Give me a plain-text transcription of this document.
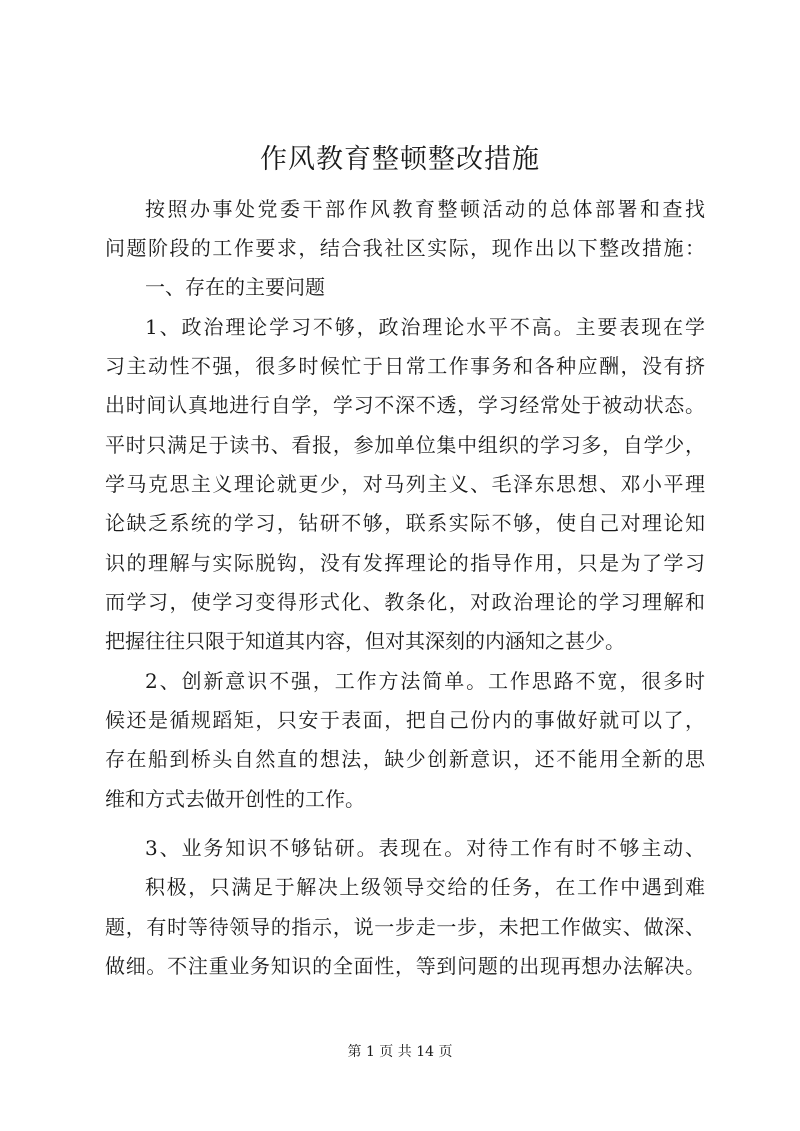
作风教育整顿整改措施
按照办事处党委干部作风教育整顿活动的总体部署和查找
问题阶段的工作要求，结合我社区实际，现作出以下整改措施：
一、存在的主要问题
1、政治理论学习不够，政治理论水平不高。主要表现在学
习主动性不强，很多时候忙于日常工作事务和各种应酬，没有挤
出时间认真地进行自学，学习不深不透，学习经常处于被动状态。
平时只满足于读书、看报，参加单位集中组织的学习多，自学少，
学马克思主义理论就更少，对马列主义、毛泽东思想、邓小平理
论缺乏系统的学习，钻研不够，联系实际不够，使自己对理论知
识的理解与实际脱钩，没有发挥理论的指导作用，只是为了学习
而学习，使学习变得形式化、教条化，对政治理论的学习理解和
把握往往只限于知道其内容，但对其深刻的内涵知之甚少。
2、创新意识不强，工作方法简单。工作思路不宽，很多时
候还是循规蹈矩，只安于表面，把自己份内的事做好就可以了，
存在船到桥头自然直的想法，缺少创新意识，还不能用全新的思
维和方式去做开创性的工作。
3、业务知识不够钻研。表现在。对待工作有时不够主动、
积极，只满足于解决上级领导交给的任务，在工作中遇到难
题，有时等待领导的指示，说一步走一步，未把工作做实、做深、
做细。不注重业务知识的全面性，等到问题的出现再想办法解决。
第 1 页 共 14 页
